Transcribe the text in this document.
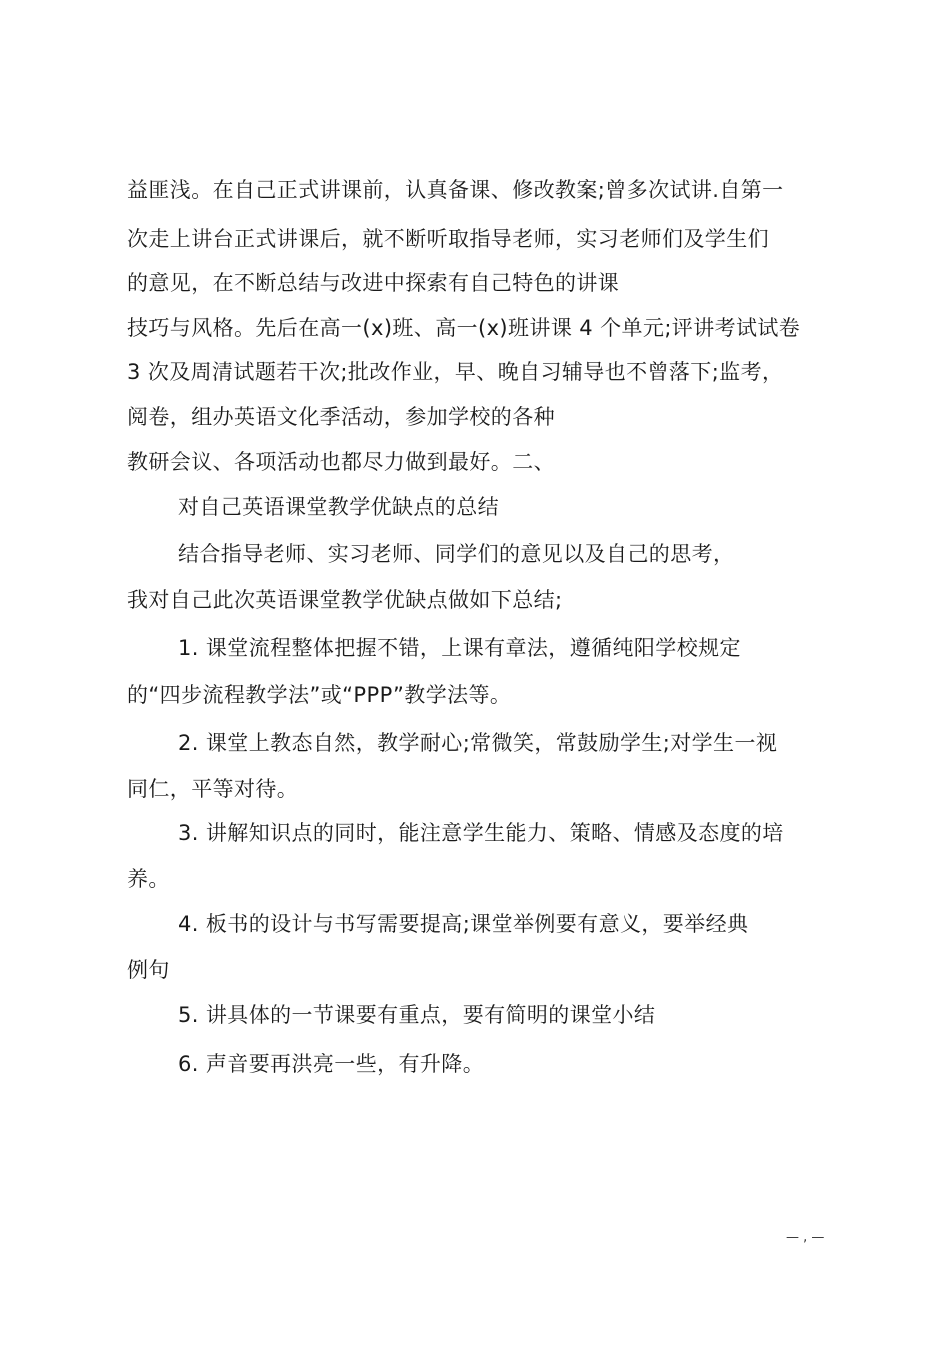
益匪浅。在自己正式讲课前，认真备课、修改教案;曾多次试讲.自第一
次走上讲台正式讲课后，就不断听取指导老师，实习老师们及学生们
的意见，在不断总结与改进中探索有自己特色的讲课
技巧与风格。先后在高一(x)班、高一(x)班讲课 4 个单元;评讲考试试卷
3 次及周清试题若干次;批改作业，早、晚自习辅导也不曾落下;监考，
阅卷，组办英语文化季活动，参加学校的各种
教研会议、各项活动也都尽力做到最好。二、
对自己英语课堂教学优缺点的总结
结合指导老师、实习老师、同学们的意见以及自己的思考，
我对自己此次英语课堂教学优缺点做如下总结;
1. 课堂流程整体把握不错，上课有章法，遵循纯阳学校规定
的“四步流程教学法”或“PPP”教学法等。
2. 课堂上教态自然，教学耐心;常微笑，常鼓励学生;对学生一视
同仁，平等对待。
3. 讲解知识点的同时，能注意学生能力、策略、情感及态度的培
养。
4. 板书的设计与书写需要提高;课堂举例要有意义，要举经典
例句
5. 讲具体的一节课要有重点，要有简明的课堂小结
6. 声音要再洪亮一些，有升降。
— , —
